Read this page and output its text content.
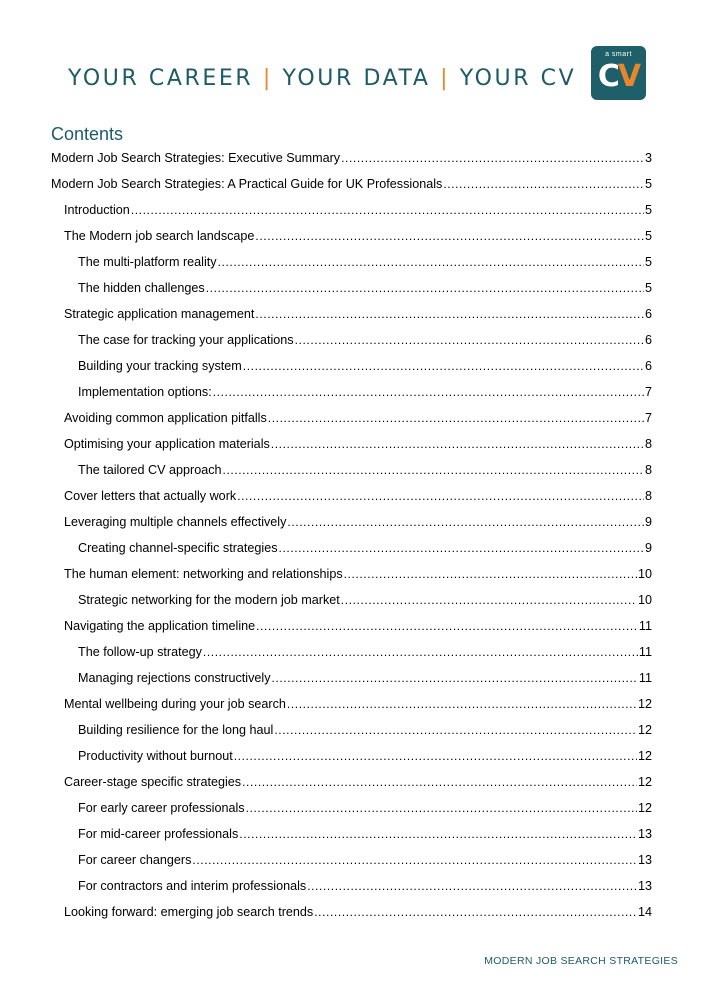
YOUR CAREER | YOUR DATA | YOUR CV
a smart
CV
Contents
Modern Job Search Strategies: Executive Summary .....	3
Modern Job Search Strategies: A Practical Guide for UK Professionals .....	5
Introduction .....	5
The Modern job search landscape .....	5
The multi-platform reality .....	5
The hidden challenges .....	5
Strategic application management .....	6
The case for tracking your applications .....	6
Building your tracking system .....	6
Implementation options: .....	7
Avoiding common application pitfalls .....	7
Optimising your application materials .....	8
The tailored CV approach .....	8
Cover letters that actually work .....	8
Leveraging multiple channels effectively .....	9
Creating channel-specific strategies .....	9
The human element: networking and relationships .....	10
Strategic networking for the modern job market .....	10
Navigating the application timeline .....	11
The follow-up strategy .....	11
Managing rejections constructively .....	11
Mental wellbeing during your job search .....	12
Building resilience for the long haul .....	12
Productivity without burnout .....	12
Career-stage specific strategies .....	12
For early career professionals .....	12
For mid-career professionals .....	13
For career changers .....	13
For contractors and interim professionals .....	13
Looking forward: emerging job search trends .....	14
MODERN JOB SEARCH STRATEGIES
